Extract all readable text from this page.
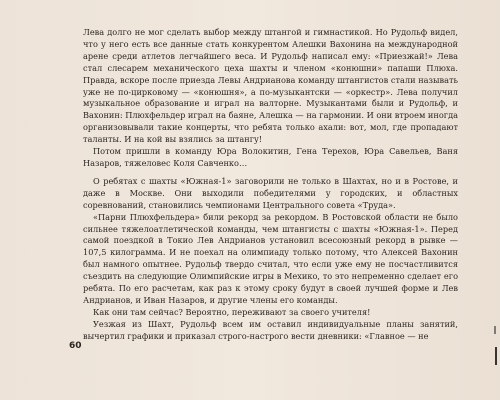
Лева долго не мог сделать выбор между штангой и гимнастикой. Но Рудольф видел, что у него есть все данные стать конкурентом Алешки Вахонина на международной арене среди атлетов легчайшего веса. И Рудольф написал ему: «Приезжай!» Лева стал слесарем механического цеха шахты и членом «конюшни» папаши Плюха. Правда, вскоре после приезда Левы Андрианова команду штангистов стали называть уже не по-цирковому — «конюшня», а по-музыкантски — «оркестр». Лева получил музыкальное образование и играл на валторне. Музыкантами были и Рудольф, и Вахонин: Плюхфельдер играл на баяне, Алешка — на гармонии. И они втроем иногда организовывали такие концерты, что ребята только ахали: вот, мол, где пропадают таланты. И на кой вы взялись за штангу!

Потом пришли в команду Юра Волокитин, Гена Терехов, Юра Савельев, Ваня Назаров, тяжеловес Коля Савченко…

О ребятах с шахты «Южная-1» заговорили не только в Шахтах, но и в Ростове, и даже в Москве. Они выходили победителями у городских, и областных соревнований, становились чемпионами Центрального совета «Труда».

«Парни Плюхфельдера» били рекорд за рекордом. В Ростовской области не было сильнее тяжелоатлетической команды, чем штангисты с шахты «Южная-1». Перед самой поездкой в Токио Лев Андрианов установил всесоюзный рекорд в рывке — 107,5 килограмма. И не поехал на олимпиаду только потому, что Алексей Вахонин был намного опытнее. Рудольф твердо считал, что если уже ему не посчастливится съездить на следующие Олимпийские игры в Мехико, то это непременно сделает его ребята. По его расчетам, как раз к этому сроку будут в своей лучшей форме и Лев Андрианов, и Иван Назаров, и другие члены его команды.

Как они там сейчас? Вероятно, переживают за своего учителя!

Уезжая из Шахт, Рудольф всем им оставил индивидуальные планы занятий, вычертил графики и приказал строго-настрого вести дневники: «Главное — не

60
